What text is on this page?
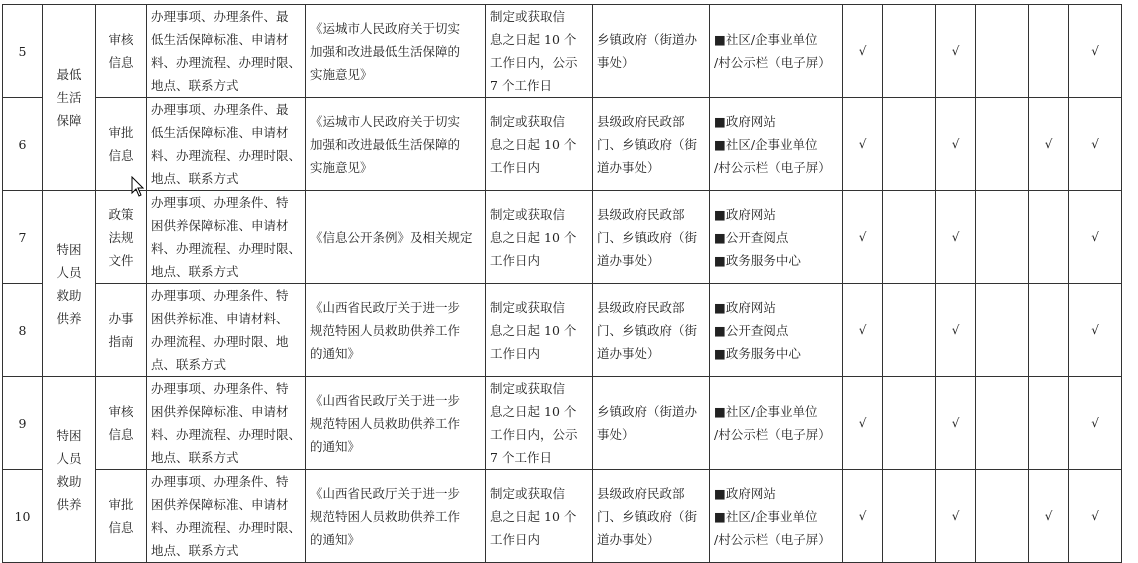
5	最低
生活
保障	审核
信息	办理事项、办理条件、最
低生活保障标准、申请材
料、办理流程、办理时限、
地点、联系方式	《运城市人民政府关于切实
加强和改进最低生活保障的
实施意见》	制定或获取信
息之日起 10 个
工作日内，公示
7 个工作日	乡镇政府（街道办
事处）	■社区/企事业单位
/村公示栏（电子屏）	√		√			√
6		审批
信息	办理事项、办理条件、最
低生活保障标准、申请材
料、办理流程、办理时限、
地点、联系方式	《运城市人民政府关于切实
加强和改进最低生活保障的
实施意见》	制定或获取信
息之日起 10 个
工作日内	县级政府民政部
门、乡镇政府（街
道办事处）	■政府网站
■社区/企事业单位
/村公示栏（电子屏）	√		√		√	√
7	特困
人员
救助
供养	政策
法规
文件	办理事项、办理条件、特
困供养保障标准、申请材
料、办理流程、办理时限、
地点、联系方式	《信息公开条例》及相关规定	制定或获取信
息之日起 10 个
工作日内	县级政府民政部
门、乡镇政府（街
道办事处）	■政府网站
■公开查阅点
■政务服务中心	√		√			√
8		办事
指南	办理事项、办理条件、特
困供养标准、申请材料、
办理流程、办理时限、地
点、联系方式	《山西省民政厅关于进一步
规范特困人员救助供养工作
的通知》	制定或获取信
息之日起 10 个
工作日内	县级政府民政部
门、乡镇政府（街
道办事处）	■政府网站
■公开查阅点
■政务服务中心	√		√			√
9	特困
人员
救助
供养	审核
信息	办理事项、办理条件、特
困供养保障标准、申请材
料、办理流程、办理时限、
地点、联系方式	《山西省民政厅关于进一步
规范特困人员救助供养工作
的通知》	制定或获取信
息之日起 10 个
工作日内，公示
7 个工作日	乡镇政府（街道办
事处）	■社区/企事业单位
/村公示栏（电子屏）	√		√			√
10		审批
信息	办理事项、办理条件、特
困供养保障标准、申请材
料、办理流程、办理时限、
地点、联系方式	《山西省民政厅关于进一步
规范特困人员救助供养工作
的通知》	制定或获取信
息之日起 10 个
工作日内	县级政府民政部
门、乡镇政府（街
道办事处）	■政府网站
■社区/企事业单位
/村公示栏（电子屏）	√		√		√	√
